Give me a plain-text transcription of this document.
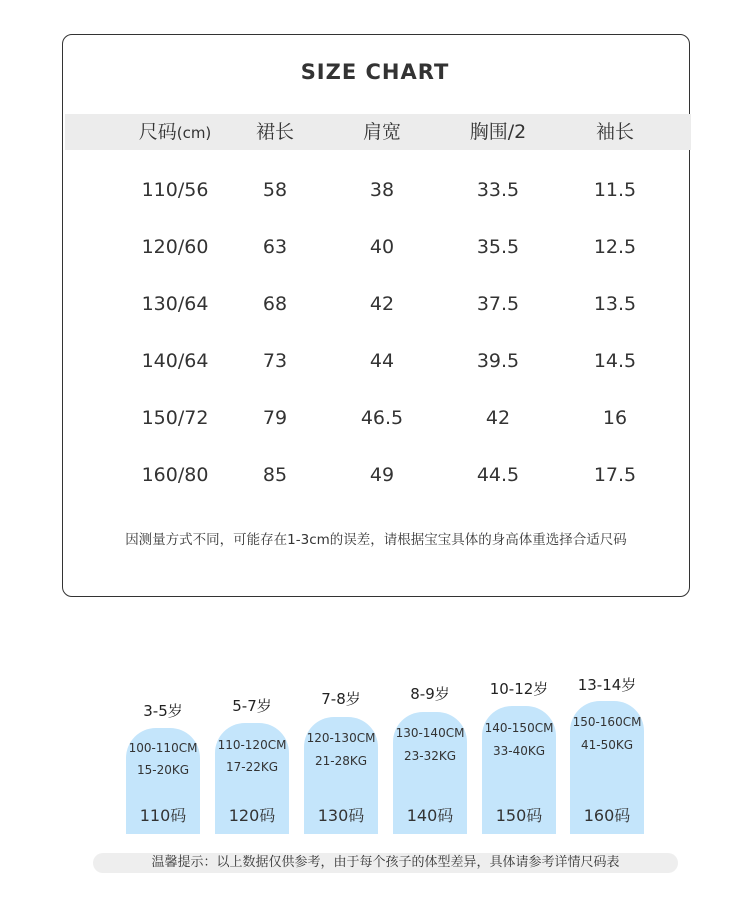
SIZE CHART
尺码(cm)	裙长	肩宽	胸围/2	袖长
110/56	58	38	33.5	11.5
120/60	63	40	35.5	12.5
130/64	68	42	37.5	13.5
140/64	73	44	39.5	14.5
150/72	79	46.5	42	16
160/80	85	49	44.5	17.5
因测量方式不同，可能存在1-3cm的误差，请根据宝宝具体的身高体重选择合适尺码
3-5岁
100-110CM
15-20KG
110码
5-7岁
110-120CM
17-22KG
120码
7-8岁
120-130CM
21-28KG
130码
8-9岁
130-140CM
23-32KG
140码
10-12岁
140-150CM
33-40KG
150码
13-14岁
150-160CM
41-50KG
160码
温馨提示：以上数据仅供参考，由于每个孩子的体型差异，具体请参考详情尺码表
